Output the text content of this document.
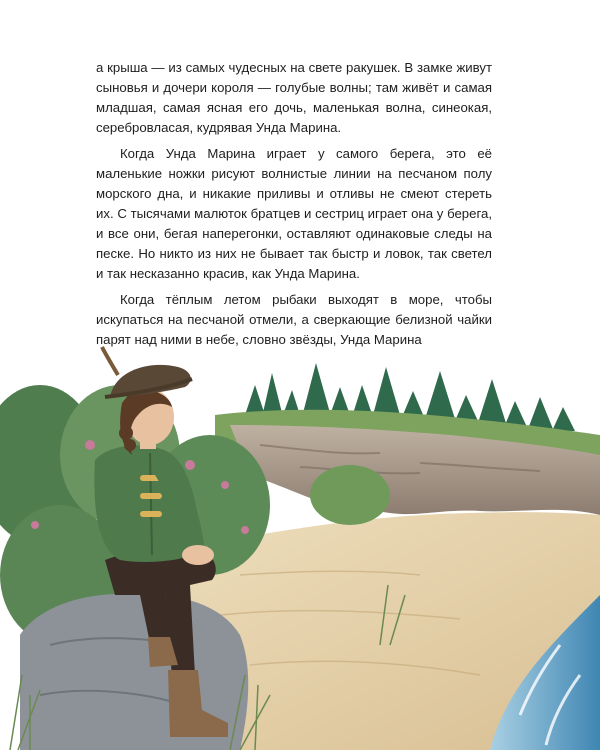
а крыша — из самых чудесных на свете ракушек. В замке живут сыновья и дочери короля — голубые волны; там живёт и самая младшая, самая ясная его дочь, маленькая волна, синеокая, серебровласая, кудрявая Унда Марина.

Когда Унда Марина играет у самого берега, это её маленькие ножки рисуют волнистые линии на песчаном полу морского дна, и никакие приливы и отливы не смеют стереть их. С тысячами малюток братцев и сестриц играет она у берега, и все они, бегая наперегонки, оставляют одинаковые следы на песке. Но никто из них не бывает так быстр и ловок, так светел и так несказанно красив, как Унда Марина.

Когда тёплым летом рыбаки выходят в море, чтобы искупаться на песчаной отмели, а сверкающие белизной чайки парят над ними в небе, словно звёзды, Унда Марина
